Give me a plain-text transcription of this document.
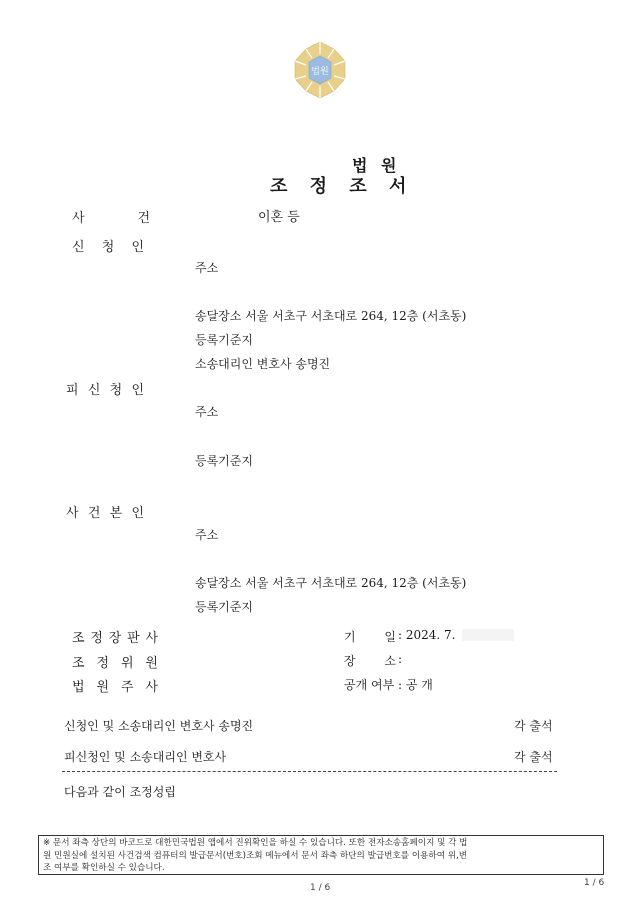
법원
법 원
조 정 조 서
사	건	이혼 등
신 청 인
주소
송달장소 서울 서초구 서초대로 264, 12층 (서초동)
등록기준지
소송대리인 변호사 송명진
피 신 청 인
주소
등록기준지
사 건 본 인
주소
송달장소 서울 서초구 서초대로 264, 12층 (서초동)
등록기준지
조 정 장 판 사
조 정 위 원
법 원 주 사
기 일 : 2024. 7.
장 소 :
공개 여부 : 공 개
신청인 및 소송대리인 변호사 송명진	각 출석
피신청인 및 소송대리인 변호사	각 출석
다음과 같이 조정성립
※ 문서 좌측 상단의 바코드로 대한민국법원 앱에서 진위확인을 하실 수 있습니다. 또한 전자소송홈페이지 및 각 법
원 민원실에 설치된 사건검색 컴퓨터의 발급문서(번호)조회 메뉴에서 문서 좌측 하단의 발급번호를 이용하여 위,변
조 여부를 확인하실 수 있습니다.
1 / 6	1 / 6
